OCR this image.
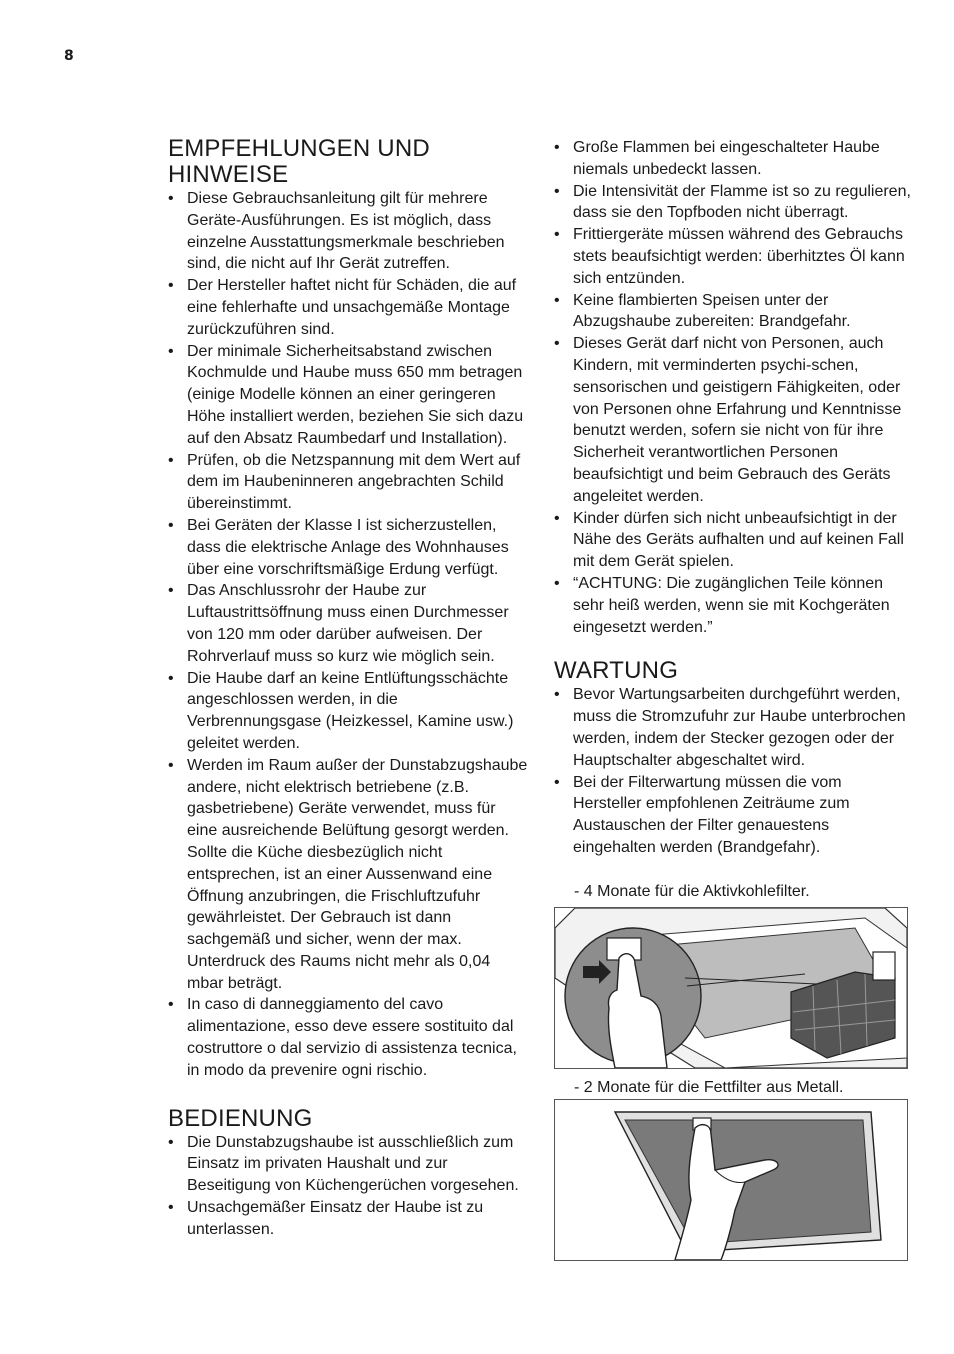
8
EMPFEHLUNGEN UND HINWEISE
• Diese Gebrauchsanleitung gilt für mehrere Geräte-Ausführungen. Es ist möglich, dass einzelne Ausstattungsmerkmale beschrieben sind, die nicht auf Ihr Gerät zutreffen.
• Der Hersteller haftet nicht für Schäden, die auf eine fehlerhafte und unsachgemäße Montage zurückzuführen sind.
• Der minimale Sicherheitsabstand zwischen Kochmulde und Haube muss 650 mm betragen (einige Modelle können an einer geringeren Höhe installiert werden, beziehen Sie sich dazu auf den Absatz Raumbedarf und Installation).
• Prüfen, ob die Netzspannung mit dem Wert auf dem im Haubeninneren angebrachten Schild übereinstimmt.
• Bei Geräten der Klasse I ist sicherzustellen, dass die elektrische Anlage des Wohnhauses über eine vorschriftsmäßige Erdung verfügt.
• Das Anschlussrohr der Haube zur Luftaustrittsöffnung muss einen Durchmesser von 120 mm oder darüber aufweisen. Der Rohrverlauf muss so kurz wie möglich sein.
• Die Haube darf an keine Entlüftungsschächte angeschlossen werden, in die Verbrennungsgase (Heizkessel, Kamine usw.) geleitet werden.
• Werden im Raum außer der Dunstabzugshaube andere, nicht elektrisch betriebene (z.B. gasbetriebene) Geräte verwendet, muss für eine ausreichende Belüftung gesorgt werden. Sollte die Küche diesbezüglich nicht entsprechen, ist an einer Aussenwand eine Öffnung anzubringen, die Frischluftzufuhr gewährleistet. Der Gebrauch ist dann sachgemäß und sicher, wenn der max. Unterdruck des Raums nicht mehr als 0,04 mbar beträgt.
• In caso di danneggiamento del cavo alimentazione, esso deve essere sostituito dal costruttore o dal servizio di assistenza tecnica, in modo da prevenire ogni rischio.
BEDIENUNG
• Die Dunstabzugshaube ist ausschließlich zum Einsatz im privaten Haushalt und zur Beseitigung von Küchengerüchen vorgesehen.
• Unsachgemäßer Einsatz der Haube ist zu unterlassen.
• Große Flammen bei eingeschalteter Haube niemals unbedeckt lassen.
• Die Intensivität der Flamme ist so zu regulieren, dass sie den Topfboden nicht überragt.
• Frittiergeräte müssen während des Gebrauchs stets beaufsichtigt werden: überhitztes Öl kann sich entzünden.
• Keine flambierten Speisen unter der Abzugshaube zubereiten: Brandgefahr.
• Dieses Gerät darf nicht von Personen, auch Kindern, mit verminderten psychi-schen, sensorischen und geistigern Fähigkeiten, oder von Personen ohne Erfahrung und Kenntnisse benutzt werden, sofern sie nicht von für ihre Sicherheit verantwortlichen Personen beaufsichtigt und beim Gebrauch des Geräts angeleitet werden.
• Kinder dürfen sich nicht unbeaufsichtigt in der Nähe des Geräts aufhalten und auf keinen Fall mit dem Gerät spielen.
• “ACHTUNG: Die zugänglichen Teile können sehr heiß werden, wenn sie mit Kochgeräten eingesetzt werden.”
WARTUNG
• Bevor Wartungsarbeiten durchgeführt werden, muss die Stromzufuhr zur Haube unterbrochen werden, indem der Stecker gezogen oder der Hauptschalter abgeschaltet wird.
• Bei der Filterwartung müssen die vom Hersteller empfohlenen Zeiträume zum Austauschen der Filter genauestens eingehalten werden (Brandgefahr).
- 4 Monate für die Aktivkohlefilter.
- 2 Monate für die Fettfilter aus Metall.
